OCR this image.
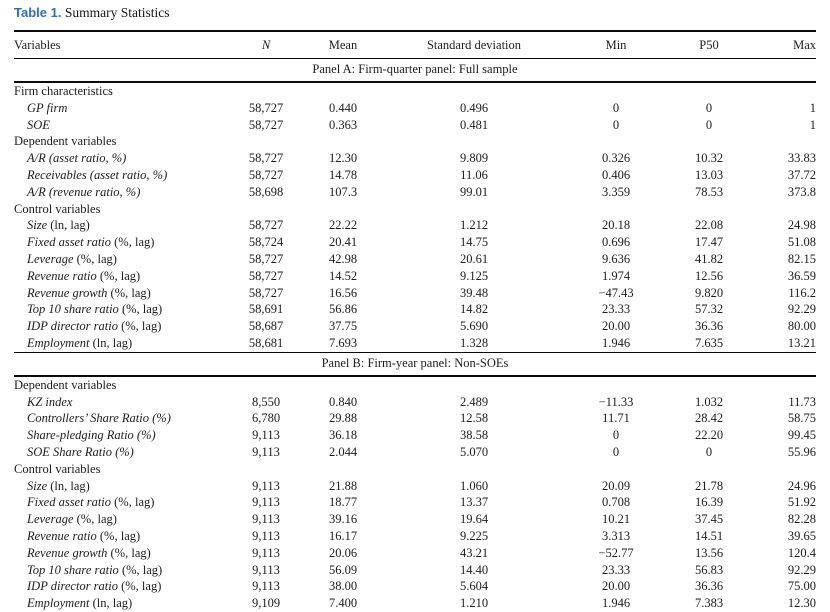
Table 1. Summary Statistics
Variables	N	Mean	Standard deviation	Min	P50	Max
Panel A: Firm-quarter panel: Full sample
Firm characteristics
GP firm	58,727	0.440	0.496	0	0	1
SOE	58,727	0.363	0.481	0	0	1
Dependent variables
A/R (asset ratio, %)	58,727	12.30	9.809	0.326	10.32	33.83
Receivables (asset ratio, %)	58,727	14.78	11.06	0.406	13.03	37.72
A/R (revenue ratio, %)	58,698	107.3	99.01	3.359	78.53	373.8
Control variables
Size (ln, lag)	58,727	22.22	1.212	20.18	22.08	24.98
Fixed asset ratio (%, lag)	58,724	20.41	14.75	0.696	17.47	51.08
Leverage (%, lag)	58,727	42.98	20.61	9.636	41.82	82.15
Revenue ratio (%, lag)	58,727	14.52	9.125	1.974	12.56	36.59
Revenue growth (%, lag)	58,727	16.56	39.48	−47.43	9.820	116.2
Top 10 share ratio (%, lag)	58,691	56.86	14.82	23.33	57.32	92.29
IDP director ratio (%, lag)	58,687	37.75	5.690	20.00	36.36	80.00
Employment (ln, lag)	58,681	7.693	1.328	1.946	7.635	13.21
Panel B: Firm-year panel: Non-SOEs
Dependent variables
KZ index	8,550	0.840	2.489	−11.33	1.032	11.73
Controllers’ Share Ratio (%)	6,780	29.88	12.58	11.71	28.42	58.75
Share-pledging Ratio (%)	9,113	36.18	38.58	0	22.20	99.45
SOE Share Ratio (%)	9,113	2.044	5.070	0	0	55.96
Control variables
Size (ln, lag)	9,113	21.88	1.060	20.09	21.78	24.96
Fixed asset ratio (%, lag)	9,113	18.77	13.37	0.708	16.39	51.92
Leverage (%, lag)	9,113	39.16	19.64	10.21	37.45	82.28
Revenue ratio (%, lag)	9,113	16.17	9.225	3.313	14.51	39.65
Revenue growth (%, lag)	9,113	20.06	43.21	−52.77	13.56	120.4
Top 10 share ratio (%, lag)	9,113	56.09	14.40	23.33	56.83	92.29
IDP director ratio (%, lag)	9,113	38.00	5.604	20.00	36.36	75.00
Employment (ln, lag)	9,109	7.400	1.210	1.946	7.383	12.30
